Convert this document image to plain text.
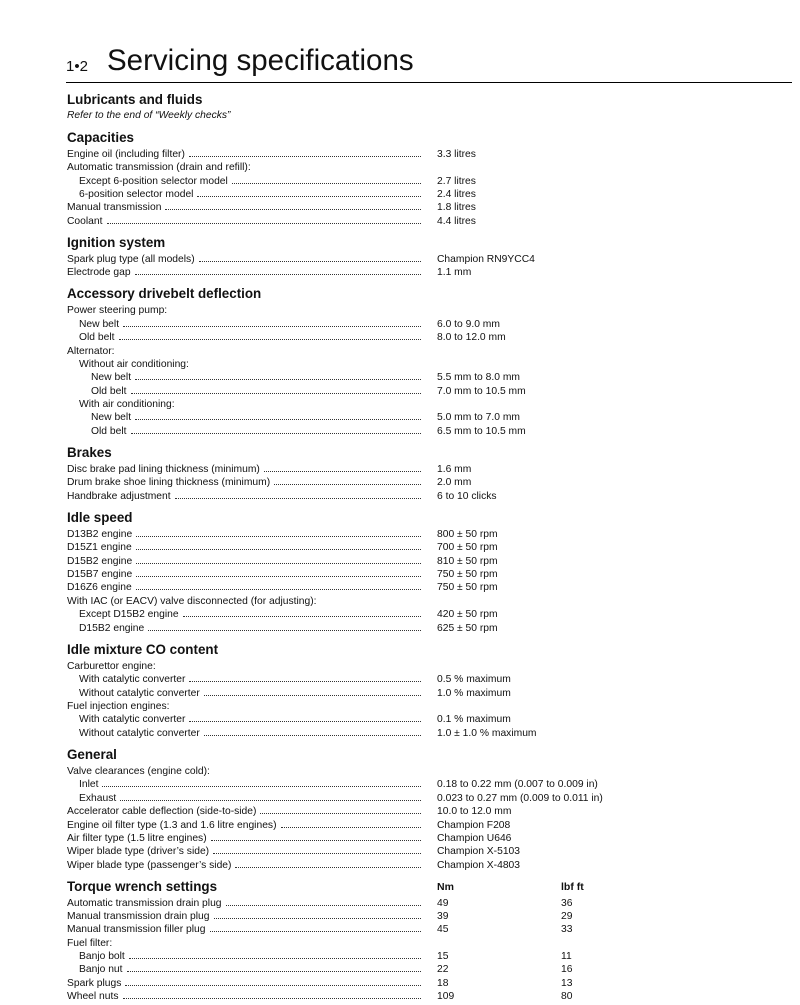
1•2 Servicing specifications
Lubricants and fluids
Refer to the end of “Weekly checks”
Capacities
Engine oil (including filter)	3.3 litres
Automatic transmission (drain and refill):
Except 6-position selector model	2.7 litres
6-position selector model	2.4 litres
Manual transmission	1.8 litres
Coolant	4.4 litres
Ignition system
Spark plug type (all models)	Champion RN9YCC4
Electrode gap	1.1 mm
Accessory drivebelt deflection
Power steering pump:
New belt	6.0 to 9.0 mm
Old belt	8.0 to 12.0 mm
Alternator:
Without air conditioning:
New belt	5.5 mm to 8.0 mm
Old belt	7.0 mm to 10.5 mm
With air conditioning:
New belt	5.0 mm to 7.0 mm
Old belt	6.5 mm to 10.5 mm
Brakes
Disc brake pad lining thickness (minimum)	1.6 mm
Drum brake shoe lining thickness (minimum)	2.0 mm
Handbrake adjustment	6 to 10 clicks
Idle speed
D13B2 engine	800 ± 50 rpm
D15Z1 engine	700 ± 50 rpm
D15B2 engine	810 ± 50 rpm
D15B7 engine	750 ± 50 rpm
D16Z6 engine	750 ± 50 rpm
With IAC (or EACV) valve disconnected (for adjusting):
Except D15B2 engine	420 ± 50 rpm
D15B2 engine	625 ± 50 rpm
Idle mixture CO content
Carburettor engine:
With catalytic converter	0.5 % maximum
Without catalytic converter	1.0 % maximum
Fuel injection engines:
With catalytic converter	0.1 % maximum
Without catalytic converter	1.0 ± 1.0 % maximum
General
Valve clearances (engine cold):
Inlet	0.18 to 0.22 mm (0.007 to 0.009 in)
Exhaust	0.023 to 0.27 mm (0.009 to 0.011 in)
Accelerator cable deflection (side-to-side)	10.0 to 12.0 mm
Engine oil filter type (1.3 and 1.6 litre engines)	Champion F208
Air filter type (1.5 litre engines)	Champion U646
Wiper blade type (driver’s side)	Champion X-5103
Wiper blade type (passenger’s side)	Champion X-4803
Torque wrench settings	Nm	lbf ft
Automatic transmission drain plug	49	36
Manual transmission drain plug	39	29
Manual transmission filler plug	45	33
Fuel filter:
Banjo bolt	15	11
Banjo nut	22	16
Spark plugs	18	13
Wheel nuts	109	80
